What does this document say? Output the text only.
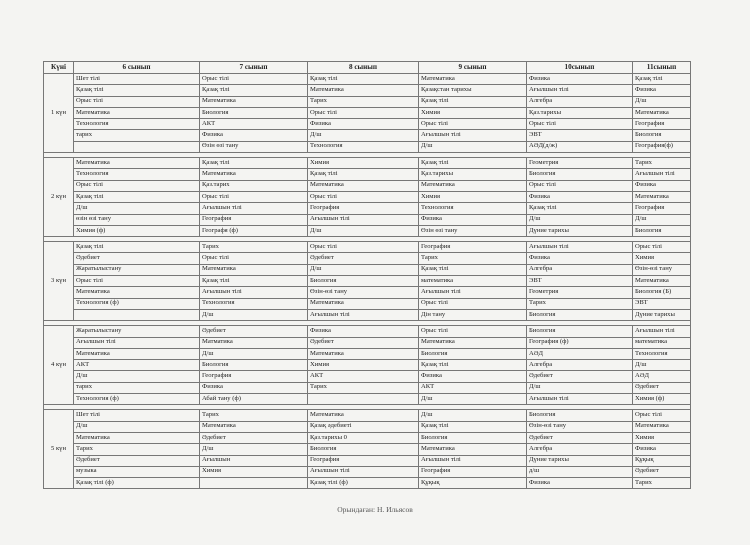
Күні	6 сынып	7 сынып	8 сынып	9 сынып	10сынып	11сынып
1 күн	Шет тілі	Орыс тілі	Қазақ тілі	Математика	Физика	Қазақ тілі
	Қазақ тілі	Қазақ тілі	Математика	Қазақстан тарихы	Ағылшын тілі	Физика
	Орыс тілі	Математика	Тарих	Қазақ тілі	Алгебра	Д/ш
	Математика	Биология	Орыс тілі	Химия	Қаз.тарихы	Математика
	Технология	АКТ	Физика	Орыс тілі	Орыс тілі	География
	тарих	Физика	Д/ш	Ағылшын тілі	ЭВТ	Биология
		Өзін өзі тану	Технология	Д/ш	АӘД(д/ж)	География(ф)

2 күн	Математика	Қазақ тілі	Химия	Қазақ тілі	Геометрия	Тарих
	Технология	Математика	Қазақ тілі	Қаз.тарихы	Биология	Ағылшын тілі
	Орыс тілі	Қаз.тарих	Математика	Математика	Орыс тілі	Физика
	Қазақ тілі	Орыс тілі	Орыс тілі	Химия	Физика	Математика
	Д/ш	Ағылшын тілі	География	Технология	Қазақ тілі	География
	өзін өзі тану	География	Ағылшын тілі	Физика	Д/ш	Д/ш
	Химия (ф)	Географя (ф)	Д/ш	Өзін өзі тану	Дүние тарихы	Биология

3 күн	Қазақ тілі	Тарих	Орыс тілі	География	Ағылшын тілі	Орыс тілі
	Әдебиет	Орыс тілі	Әдебиет	Тарих	Физика	Химия
	Жаратылыстану	Математика	Д/ш	Қазақ тілі	Алгебра	Өзін-өзі тану
	Орыс тілі	Қазақ тілі	Биология	математика	ЭВТ	Математика
	Математика	Ағылшын тілі	Өзін-өзі тану	Ағылшын тілі	Геометрия	Биология (Б)
	Технология (ф)	Технология	Математика	Орыс тілі	Тарих	ЭВТ
		Д/ш	Ағылшын тілі	Дін тану	Биология	Дүние тарихы

4 күн	Жаратылыстану	Әдебиет	Физика	Орыс тілі	Биология	Ағылшын тілі
	Ағылшын тілі	Матматика	Әдебиет	Математика	География (ф)	математика
	Математика	Д/ш	Математика	Биология	АӘД	Технология
	АКТ	Биология	Химия	Қазақ тілі	Алгебра	Д/ш
	Д/ш	География	АКТ	Физика	Әдебиет	АӘД
	тарих	Физика	Тарих	АКТ	Д/ш	Әдебиет
	Технология (ф)	Абай тану (ф)		Д/ш	Ағылшын тілі	Химия (ф)

5 күн	Шет тілі	Тарих	Математика	Д/ш	Биология	Орыс тілі
	Д/ш	Математика	Қазақ әдебиеті	Қазақ тілі	Өзін-өзі тану	Математика
	Математика	Әдебиет	Қаз.тарихы 0	Биология	Әдебиет	Химия
	Тарих	Д/ш	Биология	Математика	Алгебра	Физика
	Әдебиет	Ағылшын	География	Ағылшын тілі	Дүние тарихы	Құқық
	музыка	Химия	Ағылшын тілі	География	д/ш	Әдебиет
	Қазақ тілі (ф)		Қазақ тілі (ф)	Құқық	Физика	Тарих
Орындаған: Н. Ильясов
